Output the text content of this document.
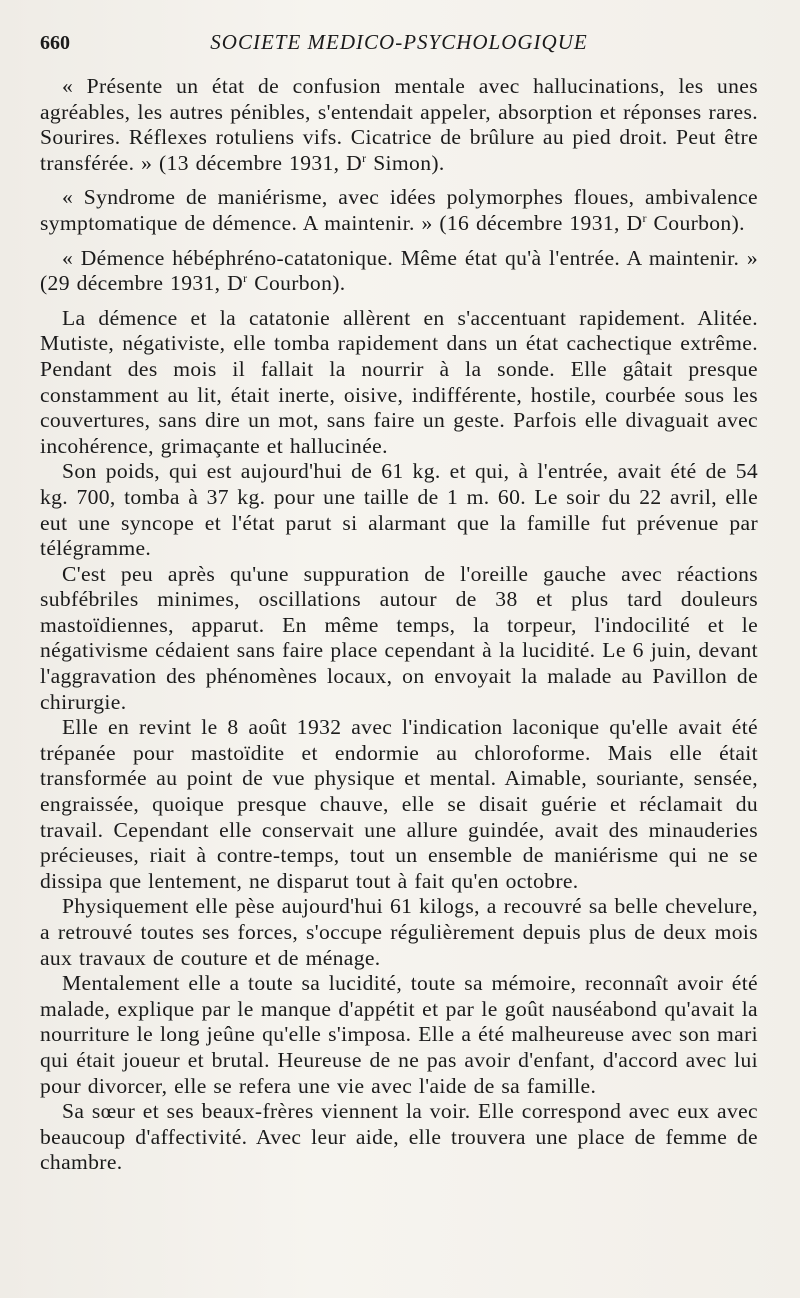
660	SOCIETE MEDICO-PSYCHOLOGIQUE

« Présente un état de confusion mentale avec hallucinations, les unes agréables, les autres pénibles, s'entendait appeler, absorption et réponses rares. Sourires. Réflexes rotuliens vifs. Cicatrice de brûlure au pied droit. Peut être transférée. » (13 décembre 1931, $D^r$ Simon).

« Syndrome de maniérisme, avec idées polymorphes floues, ambivalence symptomatique de démence. A maintenir. » (16 décembre 1931, $D^r$ Courbon).

« Démence hébéphréno-catatonique. Même état qu'à l'entrée. A maintenir. » (29 décembre 1931, $D^r$ Courbon).

La démence et la catatonie allèrent en s'accentuant rapidement. Alitée. Mutiste, négativiste, elle tomba rapidement dans un état cachectique extrême. Pendant des mois il fallait la nourrir à la sonde. Elle gâtait presque constamment au lit, était inerte, oisive, indifférente, hostile, courbée sous les couvertures, sans dire un mot, sans faire un geste. Parfois elle divaguait avec incohérence, grimaçante et hallucinée.

Son poids, qui est aujourd'hui de 61 kg. et qui, à l'entrée, avait été de 54 kg. 700, tomba à 37 kg. pour une taille de 1 m. 60. Le soir du 22 avril, elle eut une syncope et l'état parut si alarmant que la famille fut prévenue par télégramme.

C'est peu après qu'une suppuration de l'oreille gauche avec réactions subfébriles minimes, oscillations autour de 38 et plus tard douleurs mastoïdiennes, apparut. En même temps, la torpeur, l'indocilité et le négativisme cédaient sans faire place cependant à la lucidité. Le 6 juin, devant l'aggravation des phénomènes locaux, on envoyait la malade au Pavillon de chirurgie.

Elle en revint le 8 août 1932 avec l'indication laconique qu'elle avait été trépanée pour mastoïdite et endormie au chloroforme. Mais elle était transformée au point de vue physique et mental. Aimable, souriante, sensée, engraissée, quoique presque chauve, elle se disait guérie et réclamait du travail. Cependant elle conservait une allure guindée, avait des minauderies précieuses, riait à contre-temps, tout un ensemble de maniérisme qui ne se dissipa que lentement, ne disparut tout à fait qu'en octobre.

Physiquement elle pèse aujourd'hui 61 kilogs, a recouvré sa belle chevelure, a retrouvé toutes ses forces, s'occupe régulièrement depuis plus de deux mois aux travaux de couture et de ménage.

Mentalement elle a toute sa lucidité, toute sa mémoire, reconnaît avoir été malade, explique par le manque d'appétit et par le goût nauséabond qu'avait la nourriture le long jeûne qu'elle s'imposa. Elle a été malheureuse avec son mari qui était joueur et brutal. Heureuse de ne pas avoir d'enfant, d'accord avec lui pour divorcer, elle se refera une vie avec l'aide de sa famille.

Sa sœur et ses beaux-frères viennent la voir. Elle correspond avec eux avec beaucoup d'affectivité. Avec leur aide, elle trouvera une place de femme de chambre.
